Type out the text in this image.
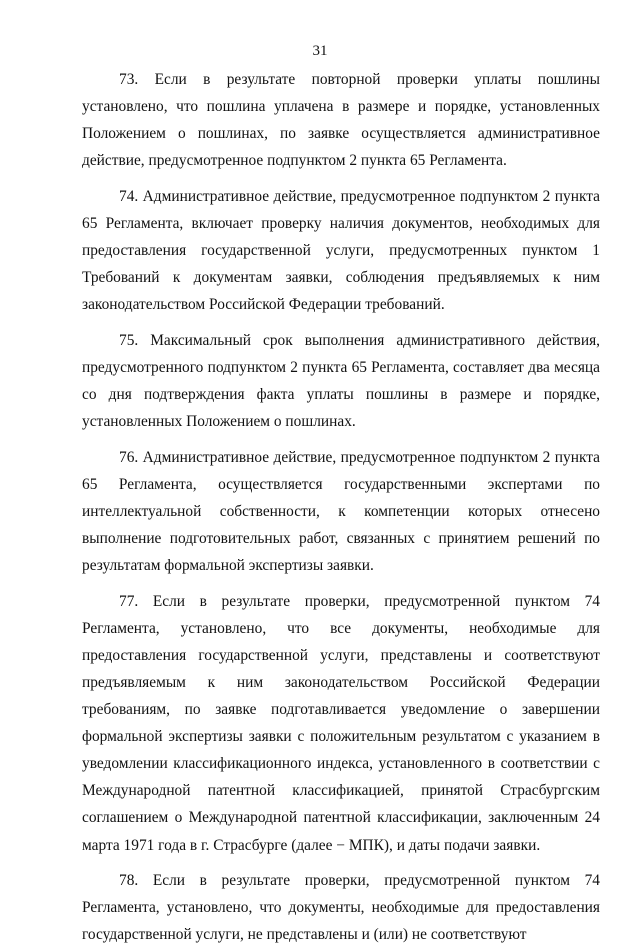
31

73. Если в результате повторной проверки уплаты пошлины установлено, что пошлина уплачена в размере и порядке, установленных Положением о пошлинах, по заявке осуществляется административное действие, предусмотренное подпунктом 2 пункта 65 Регламента.

74. Административное действие, предусмотренное подпунктом 2 пункта 65 Регламента, включает проверку наличия документов, необходимых для предоставления государственной услуги, предусмотренных пунктом 1 Требований к документам заявки, соблюдения предъявляемых к ним законодательством Российской Федерации требований.

75. Максимальный срок выполнения административного действия, предусмотренного подпунктом 2 пункта 65 Регламента, составляет два месяца со дня подтверждения факта уплаты пошлины в размере и порядке, установленных Положением о пошлинах.

76. Административное действие, предусмотренное подпунктом 2 пункта 65 Регламента, осуществляется государственными экспертами по интеллектуальной собственности, к компетенции которых отнесено выполнение подготовительных работ, связанных с принятием решений по результатам формальной экспертизы заявки.

77. Если в результате проверки, предусмотренной пунктом 74 Регламента, установлено, что все документы, необходимые для предоставления государственной услуги, представлены и соответствуют предъявляемым к ним законодательством Российской Федерации требованиям, по заявке подготавливается уведомление о завершении формальной экспертизы заявки с положительным результатом с указанием в уведомлении классификационного индекса, установленного в соответствии с Международной патентной классификацией, принятой Страсбургским соглашением о Международной патентной классификации, заключенным 24 марта 1971 года в г. Страсбурге (далее − МПК), и даты подачи заявки.

78. Если в результате проверки, предусмотренной пунктом 74 Регламента, установлено, что документы, необходимые для предоставления государственной услуги, не представлены и (или) не соответствуют
